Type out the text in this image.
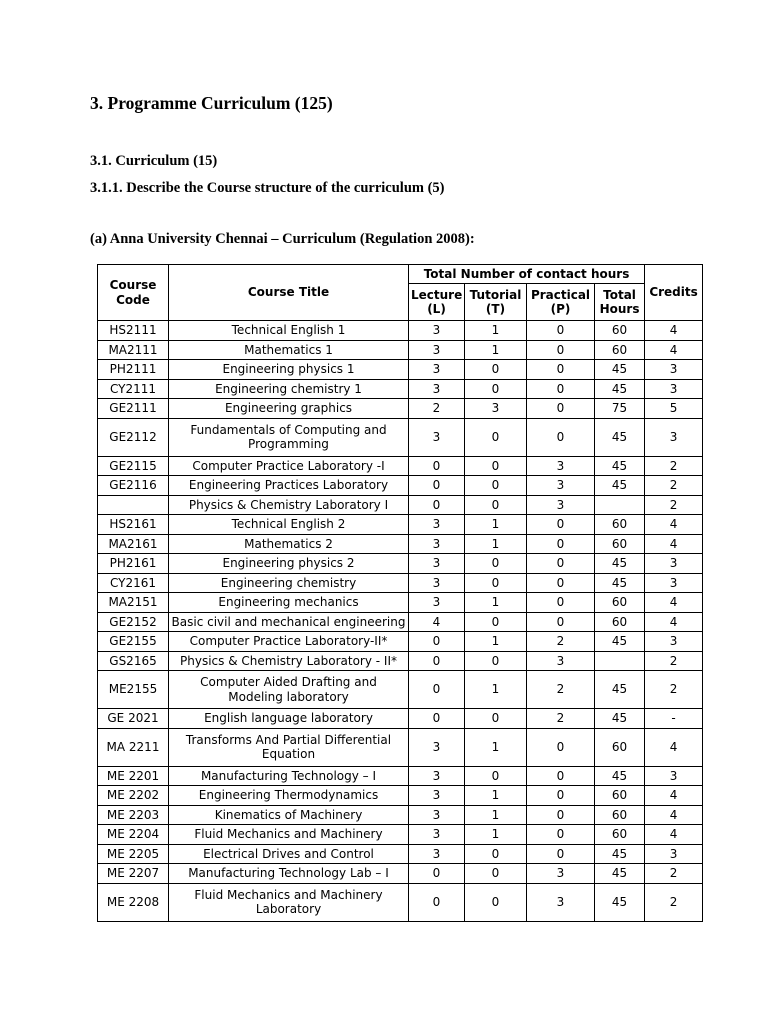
3. Programme Curriculum (125)
3.1. Curriculum (15)
3.1.1. Describe the Course structure of the curriculum (5)
(a) Anna University Chennai – Curriculum (Regulation 2008):
Course Code	Course Title	Total Number of contact hours				Credits
		Lecture (L)	Tutorial (T)	Practical (P)	Total Hours	
HS2111	Technical English 1	3	1	0	60	4
MA2111	Mathematics 1	3	1	0	60	4
PH2111	Engineering physics 1	3	0	0	45	3
CY2111	Engineering chemistry 1	3	0	0	45	3
GE2111	Engineering graphics	2	3	0	75	5
GE2112	Fundamentals of Computing and Programming	3	0	0	45	3
GE2115	Computer Practice Laboratory -I	0	0	3	45	2
GE2116	Engineering Practices Laboratory	0	0	3	45	2
	Physics & Chemistry Laboratory I	0	0	3		2
HS2161	Technical English 2	3	1	0	60	4
MA2161	Mathematics 2	3	1	0	60	4
PH2161	Engineering physics 2	3	0	0	45	3
CY2161	Engineering chemistry	3	0	0	45	3
MA2151	Engineering mechanics	3	1	0	60	4
GE2152	Basic civil and mechanical engineering	4	0	0	60	4
GE2155	Computer Practice Laboratory-II*	0	1	2	45	3
GS2165	Physics & Chemistry Laboratory - II*	0	0	3		2
ME2155	Computer Aided Drafting and Modeling laboratory	0	1	2	45	2
GE 2021	English language laboratory	0	0	2	45	-
MA 2211	Transforms And Partial Differential Equation	3	1	0	60	4
ME 2201	Manufacturing Technology – I	3	0	0	45	3
ME 2202	Engineering Thermodynamics	3	1	0	60	4
ME 2203	Kinematics of Machinery	3	1	0	60	4
ME 2204	Fluid Mechanics and Machinery	3	1	0	60	4
ME 2205	Electrical Drives and Control	3	0	0	45	3
ME 2207	Manufacturing Technology Lab – I	0	0	3	45	2
ME 2208	Fluid Mechanics and Machinery Laboratory	0	0	3	45	2
